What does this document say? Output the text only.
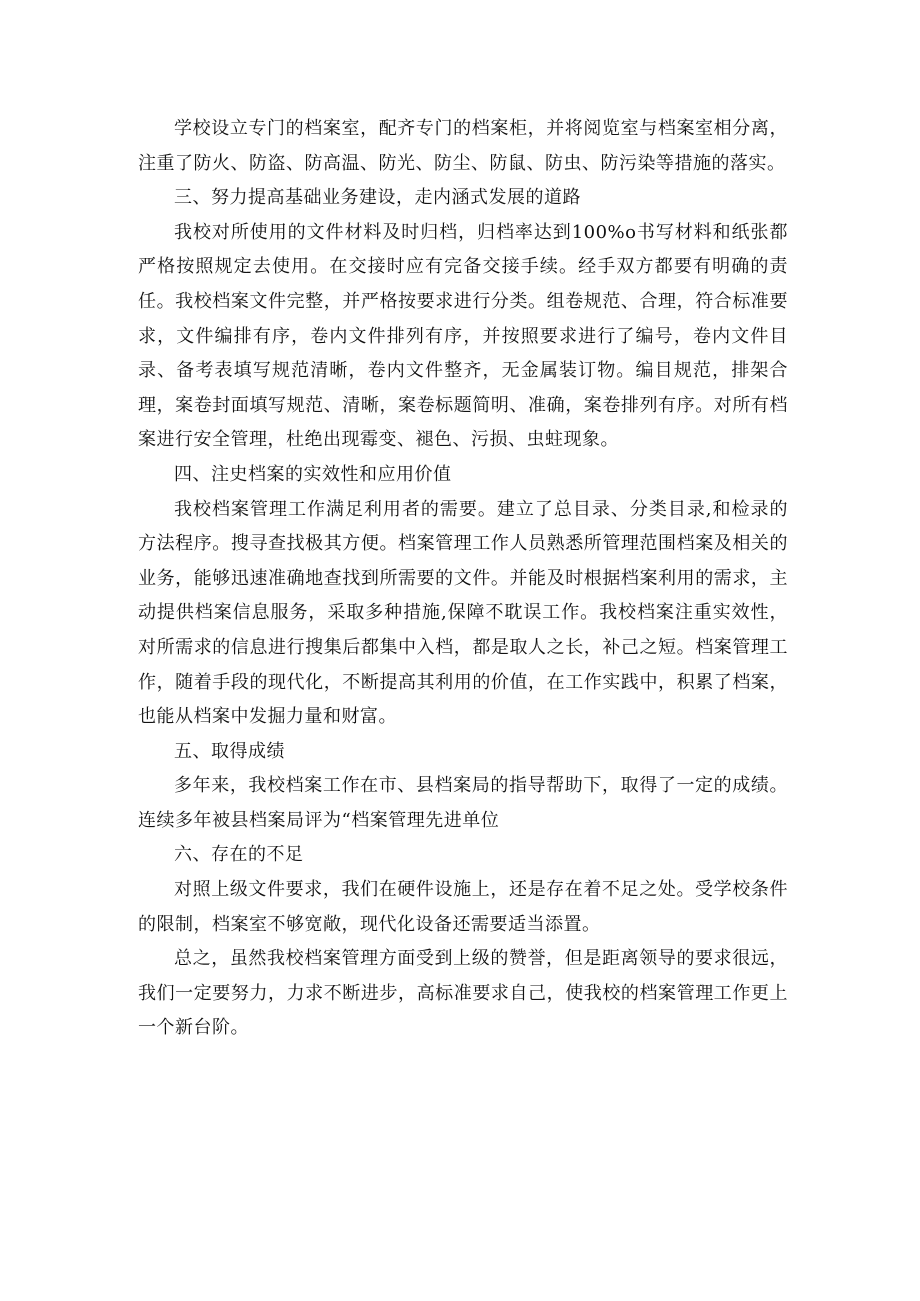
学校设立专门的档案室，配齐专门的档案柜，并将阅览室与档案室相分离，注重了防火、防盗、防高温、防光、防尘、防鼠、防虫、防污染等措施的落实。

三、努力提高基础业务建设，走内涵式发展的道路

我校对所使用的文件材料及时归档，归档率达到100%o书写材料和纸张都严格按照规定去使用。在交接时应有完备交接手续。经手双方都要有明确的责任。我校档案文件完整，并严格按要求进行分类。组卷规范、合理，符合标准要求，文件编排有序，卷内文件排列有序，并按照要求进行了编号，卷内文件目录、备考表填写规范清晰，卷内文件整齐，无金属装订物。编目规范，排架合理，案卷封面填写规范、清晰，案卷标题简明、准确，案卷排列有序。对所有档案进行安全管理，杜绝出现霉变、褪色、污损、虫蛀现象。

四、注史档案的实效性和应用价值

我校档案管理工作满足利用者的需要。建立了总目录、分类目录,和检录的方法程序。搜寻查找极其方便。档案管理工作人员熟悉所管理范围档案及相关的业务，能够迅速准确地查找到所需要的文件。并能及时根据档案利用的需求，主动提供档案信息服务，采取多种措施,保障不耽误工作。我校档案注重实效性，对所需求的信息进行搜集后都集中入档，都是取人之长，补己之短。档案管理工作，随着手段的现代化，不断提高其利用的价值，在工作实践中，积累了档案，也能从档案中发掘力量和财富。

五、取得成绩

多年来，我校档案工作在市、县档案局的指导帮助下，取得了一定的成绩。连续多年被县档案局评为“档案管理先进单位

六、存在的不足

对照上级文件要求，我们在硬件设施上，还是存在着不足之处。受学校条件的限制，档案室不够宽敞，现代化设备还需要适当添置。

总之，虽然我校档案管理方面受到上级的赞誉，但是距离领导的要求很远，我们一定要努力，力求不断进步，高标准要求自己，使我校的档案管理工作更上一个新台阶。
